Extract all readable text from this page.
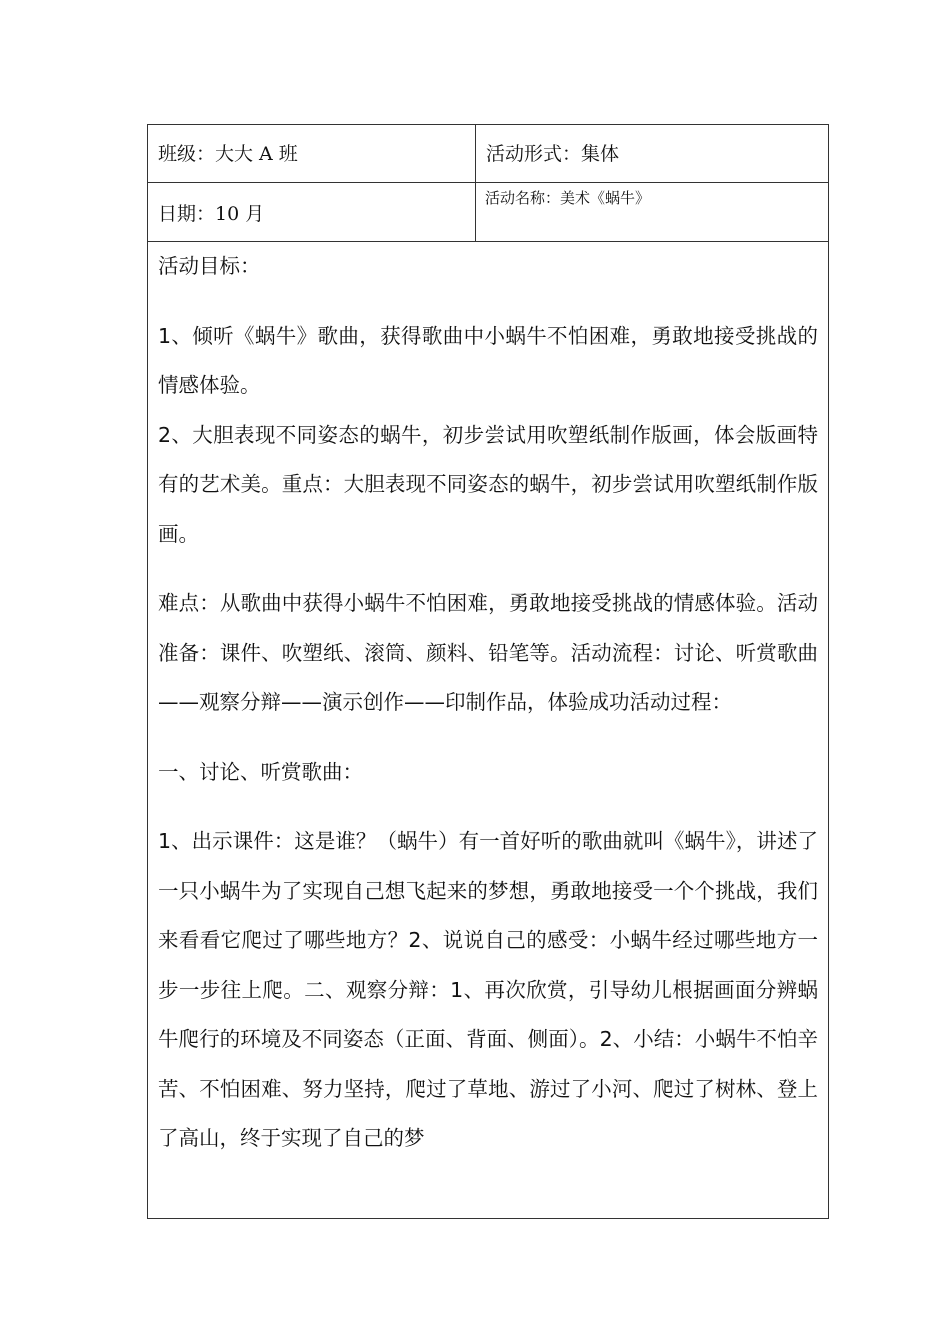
班级：大大 A 班	活动形式：集体
日期：10 月
活动名称：美术《蜗牛》

活动目标：

1、倾听《蜗牛》歌曲，获得歌曲中小蜗牛不怕困难，勇敢地接受挑战的情感体验。

2、大胆表现不同姿态的蜗牛，初步尝试用吹塑纸制作版画，体会版画特有的艺术美。重点：大胆表现不同姿态的蜗牛，初步尝试用吹塑纸制作版画。

难点：从歌曲中获得小蜗牛不怕困难，勇敢地接受挑战的情感体验。活动准备：课件、吹塑纸、滚筒、颜料、铅笔等。活动流程：讨论、听赏歌曲——观察分辩——演示创作——印制作品，体验成功活动过程：

一、讨论、听赏歌曲：

1、出示课件：这是谁？（蜗牛）有一首好听的歌曲就叫《蜗牛》，讲述了一只小蜗牛为了实现自己想飞起来的梦想，勇敢地接受一个个挑战，我们来看看它爬过了哪些地方？2、说说自己的感受：小蜗牛经过哪些地方一步一步往上爬。二、观察分辩：1、再次欣赏，引导幼儿根据画面分辨蜗牛爬行的环境及不同姿态（正面、背面、侧面）。2、小结：小蜗牛不怕辛苦、不怕困难、努力坚持，爬过了草地、游过了小河、爬过了树林、登上了高山，终于实现了自己的梦
